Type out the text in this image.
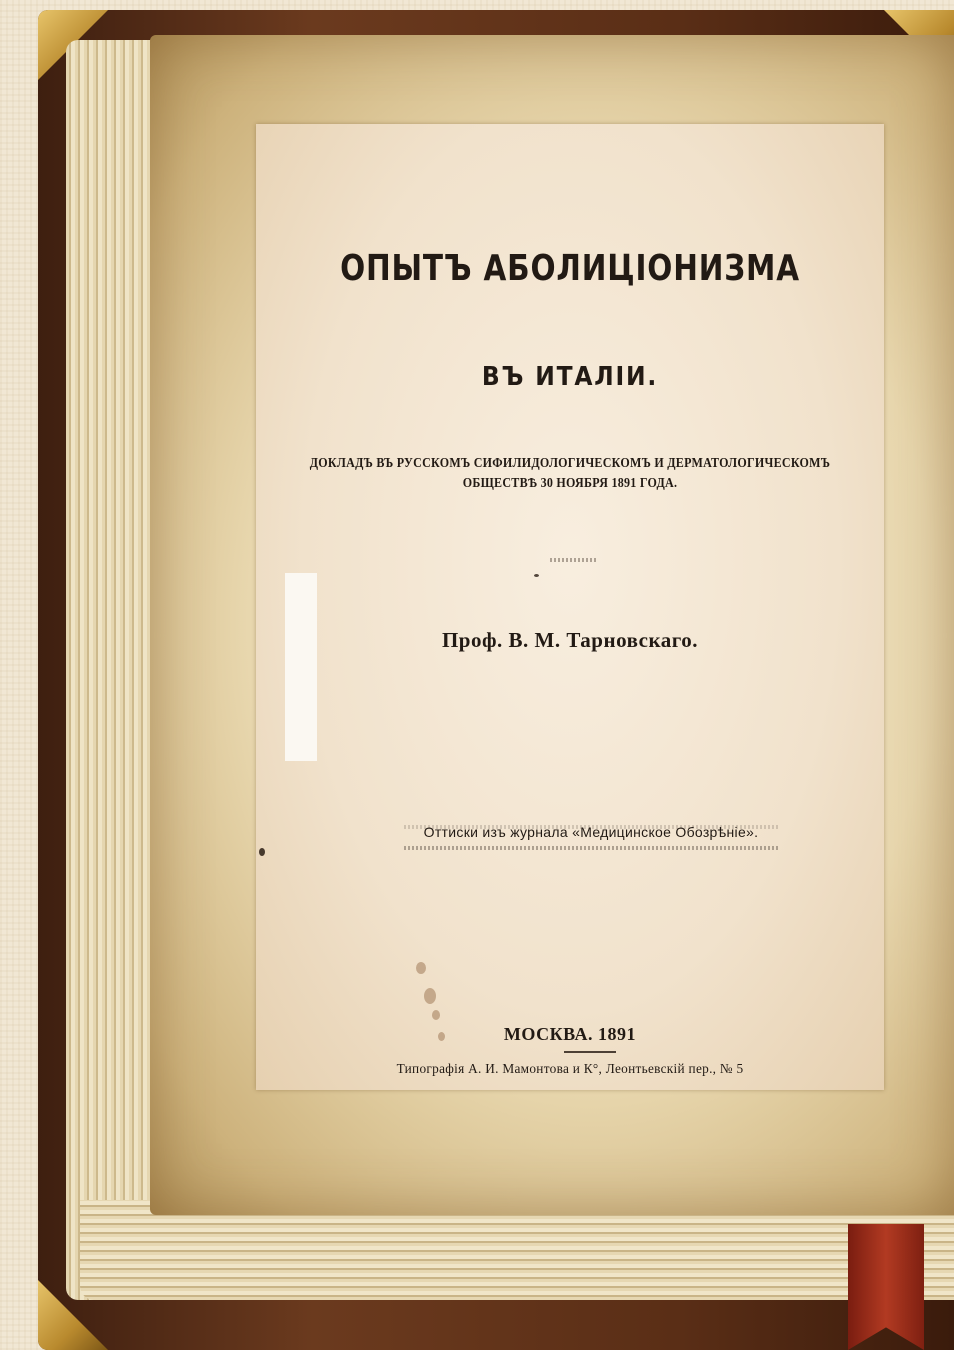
ОПЫТЪ АБОЛИЦІОНИЗМА
ВЪ ИТАЛІИ.
ДОКЛАДЪ ВЪ РУССКОМЪ СИФИЛИДОЛОГИЧЕСКОМЪ И ДЕРМАТОЛОГИЧЕСКОМЪ
ОБЩЕСТВѢ 30 НОЯБРЯ 1891 ГОДА.
Проф. В. М. Тарновскаго.
Оттиски изъ журнала «Медицинское Обозрѣніе».
МОСКВА. 1891
Типографія А. И. Мамонтова и К°, Леонтьевскій пер., № 5
